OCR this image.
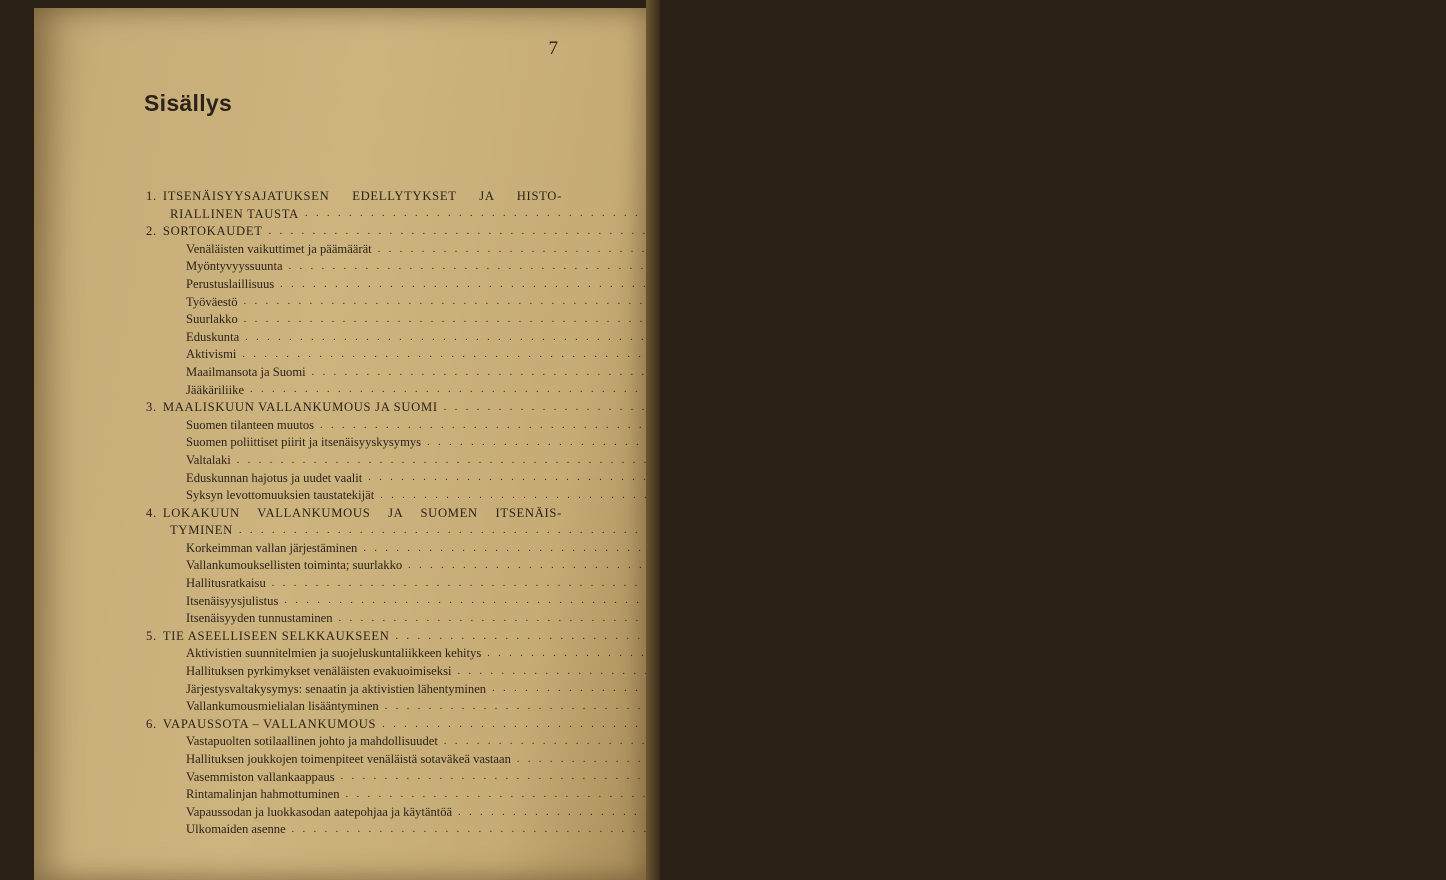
7
Sisällys
1. ITSENÄISYYSAJATUKSEN EDELLYTYKSET JA HISTO-
RIALLINEN TAUSTA . . .	9
2. SORTOKAUDET . . .	20
Venäläisten vaikuttimet ja päämäärät . . .	20
Myöntyvyyssuunta . . .	24
Perustuslaillisuus . . .	27
Työväestö . . .	29
Suurlakko . . .	31
Eduskunta . . .	33
Aktivismi . . .	36
Maailmansota ja Suomi . . .	40
Jääkäriliike . . .	42
3. MAALISKUUN VALLANKUMOUS JA SUOMI . . .	50
Suomen tilanteen muutos . . .	50
Suomen poliittiset piirit ja itsenäisyyskysymys . . .	52
Valtalaki . . .	57
Eduskunnan hajotus ja uudet vaalit . . .	60
Syksyn levottomuuksien taustatekijät . . .	64
4. LOKAKUUN VALLANKUMOUS JA SUOMEN ITSENÄIS-
TYMINEN . . .	71
Korkeimman vallan järjestäminen . . .	71
Vallankumouksellisten toiminta; suurlakko . . .	75
Hallitusratkaisu . . .	79
Itsenäisyysjulistus . . .	82
Itsenäisyyden tunnustaminen . . .	87
5. TIE ASEELLISEEN SELKKAUKSEEN . . .	93
Aktivistien suunnitelmien ja suojeluskuntaliikkeen kehitys . . .	93
Hallituksen pyrkimykset venäläisten evakuoimiseksi . . .	98
Järjestysvaltakysymys: senaatin ja aktivistien lähentyminen . . .	101
Vallankumousmielialan lisääntyminen . . .	104
6. VAPAUSSOTA – VALLANKUMOUS . . .	109
Vastapuolten sotilaallinen johto ja mahdollisuudet . . .	109
Hallituksen joukkojen toimenpiteet venäläistä sotaväkeä vastaan . . .	118
Vasemmiston vallankaappaus . . .	122
Rintamalinjan hahmottuminen . . .	126
Vapaussodan ja luokkasodan aatepohjaa ja käytäntöä . . .	132
Ulkomaiden asenne . . .	140
